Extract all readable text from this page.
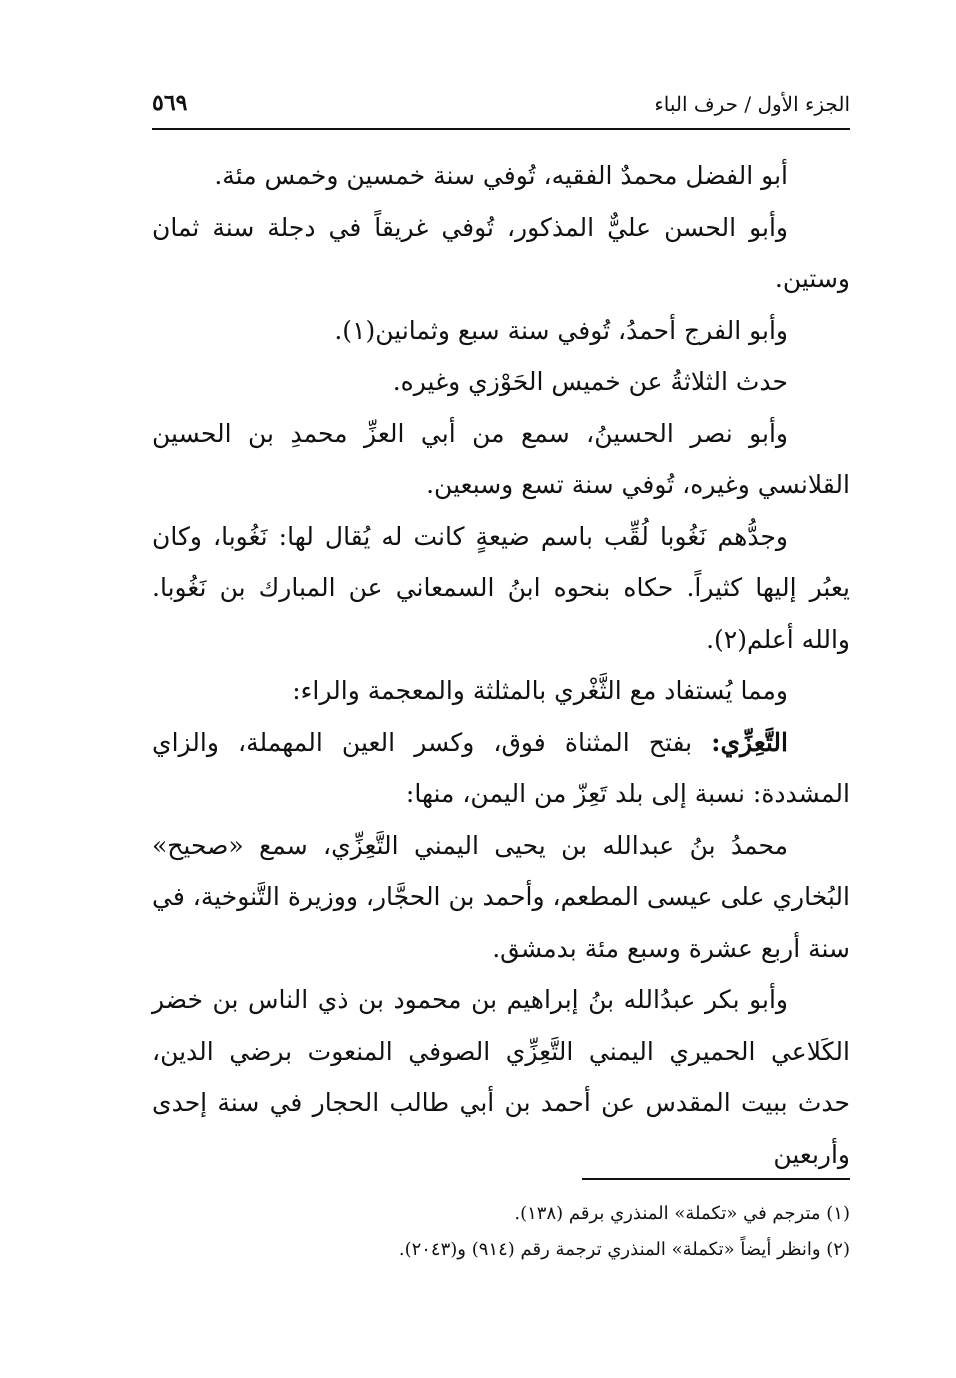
الجزء الأول / حرف الباء
٥٦٩

أبو الفضل محمدٌ الفقيه، تُوفي سنة خمسين وخمس مئة.

وأبو الحسن عليٌّ المذكور، تُوفي غريقاً في دجلة سنة ثمان وستين.

وأبو الفرج أحمدُ، تُوفي سنة سبع وثمانين(١).

حدث الثلاثةُ عن خميس الحَوْزي وغيره.

وأبو نصر الحسينُ، سمع من أبي العزِّ محمدِ بن الحسين القلانسي وغيره، تُوفي سنة تسع وسبعين.

وجدُّهم نَغُوبا لُقِّب باسم ضيعةٍ كانت له يُقال لها: نَغُوبا، وكان يعبُر إليها كثيراً. حكاه بنحوه ابنُ السمعاني عن المبارك بن نَغُوبا. والله أعلم(٢).

ومما يُستفاد مع الثَّغْري بالمثلثة والمعجمة والراء:

التَّعِزِّي: بفتح المثناة فوق، وكسر العين المهملة، والزاي المشددة: نسبة إلى بلد تَعِزّ من اليمن، منها:

محمدُ بنُ عبدالله بن يحيى اليمني التَّعِزِّي، سمع «صحيح» البُخاري على عيسى المطعم، وأحمد بن الحجَّار، ووزيرة التَّنوخية، في سنة أربع عشرة وسبع مئة بدمشق.

وأبو بكر عبدُالله بنُ إبراهيم بن محمود بن ذي الناس بن خضر الكَلاعي الحميري اليمني التَّعِزِّي الصوفي المنعوت برضي الدين، حدث ببيت المقدس عن أحمد بن أبي طالب الحجار في سنة إحدى وأربعين

(١) مترجم في «تكملة» المنذري برقم (١٣٨).

(٢) وانظر أيضاً «تكملة» المنذري ترجمة رقم (٩١٤) و(٢٠٤٣).
